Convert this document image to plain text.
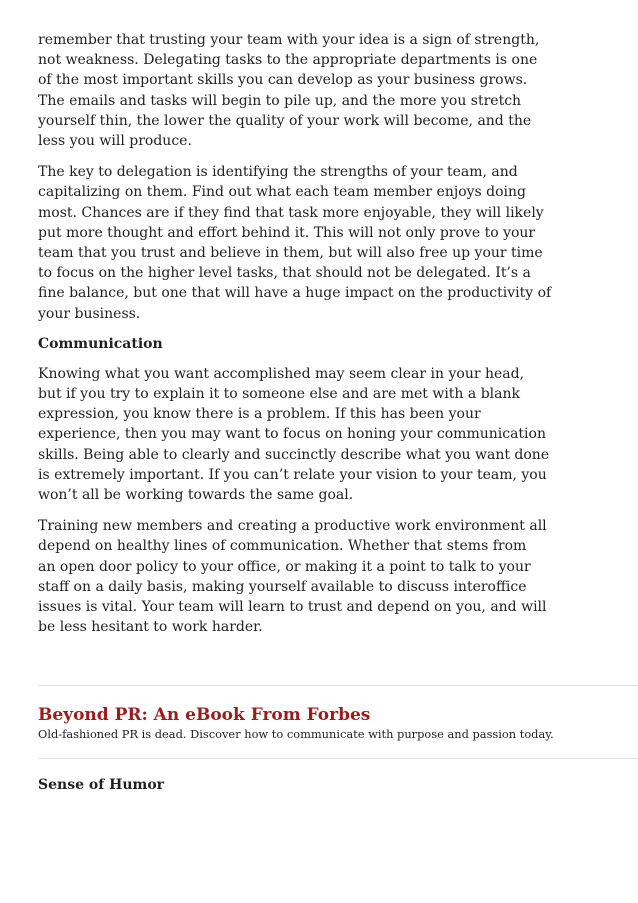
remember that trusting your team with your idea is a sign of strength,
not weakness. Delegating tasks to the appropriate departments is one
of the most important skills you can develop as your business grows.
The emails and tasks will begin to pile up, and the more you stretch
yourself thin, the lower the quality of your work will become, and the
less you will produce.

The key to delegation is identifying the strengths of your team, and
capitalizing on them. Find out what each team member enjoys doing
most. Chances are if they find that task more enjoyable, they will likely
put more thought and effort behind it. This will not only prove to your
team that you trust and believe in them, but will also free up your time
to focus on the higher level tasks, that should not be delegated. It’s a
fine balance, but one that will have a huge impact on the productivity of
your business.

Communication

Knowing what you want accomplished may seem clear in your head,
but if you try to explain it to someone else and are met with a blank
expression, you know there is a problem. If this has been your
experience, then you may want to focus on honing your communication
skills. Being able to clearly and succinctly describe what you want done
is extremely important. If you can’t relate your vision to your team, you
won’t all be working towards the same goal.

Training new members and creating a productive work environment all
depend on healthy lines of communication. Whether that stems from
an open door policy to your office, or making it a point to talk to your
staff on a daily basis, making yourself available to discuss interoffice
issues is vital. Your team will learn to trust and depend on you, and will
be less hesitant to work harder.

Beyond PR: An eBook From Forbes

Old-fashioned PR is dead. Discover how to communicate with purpose and passion today.

Sense of Humor
